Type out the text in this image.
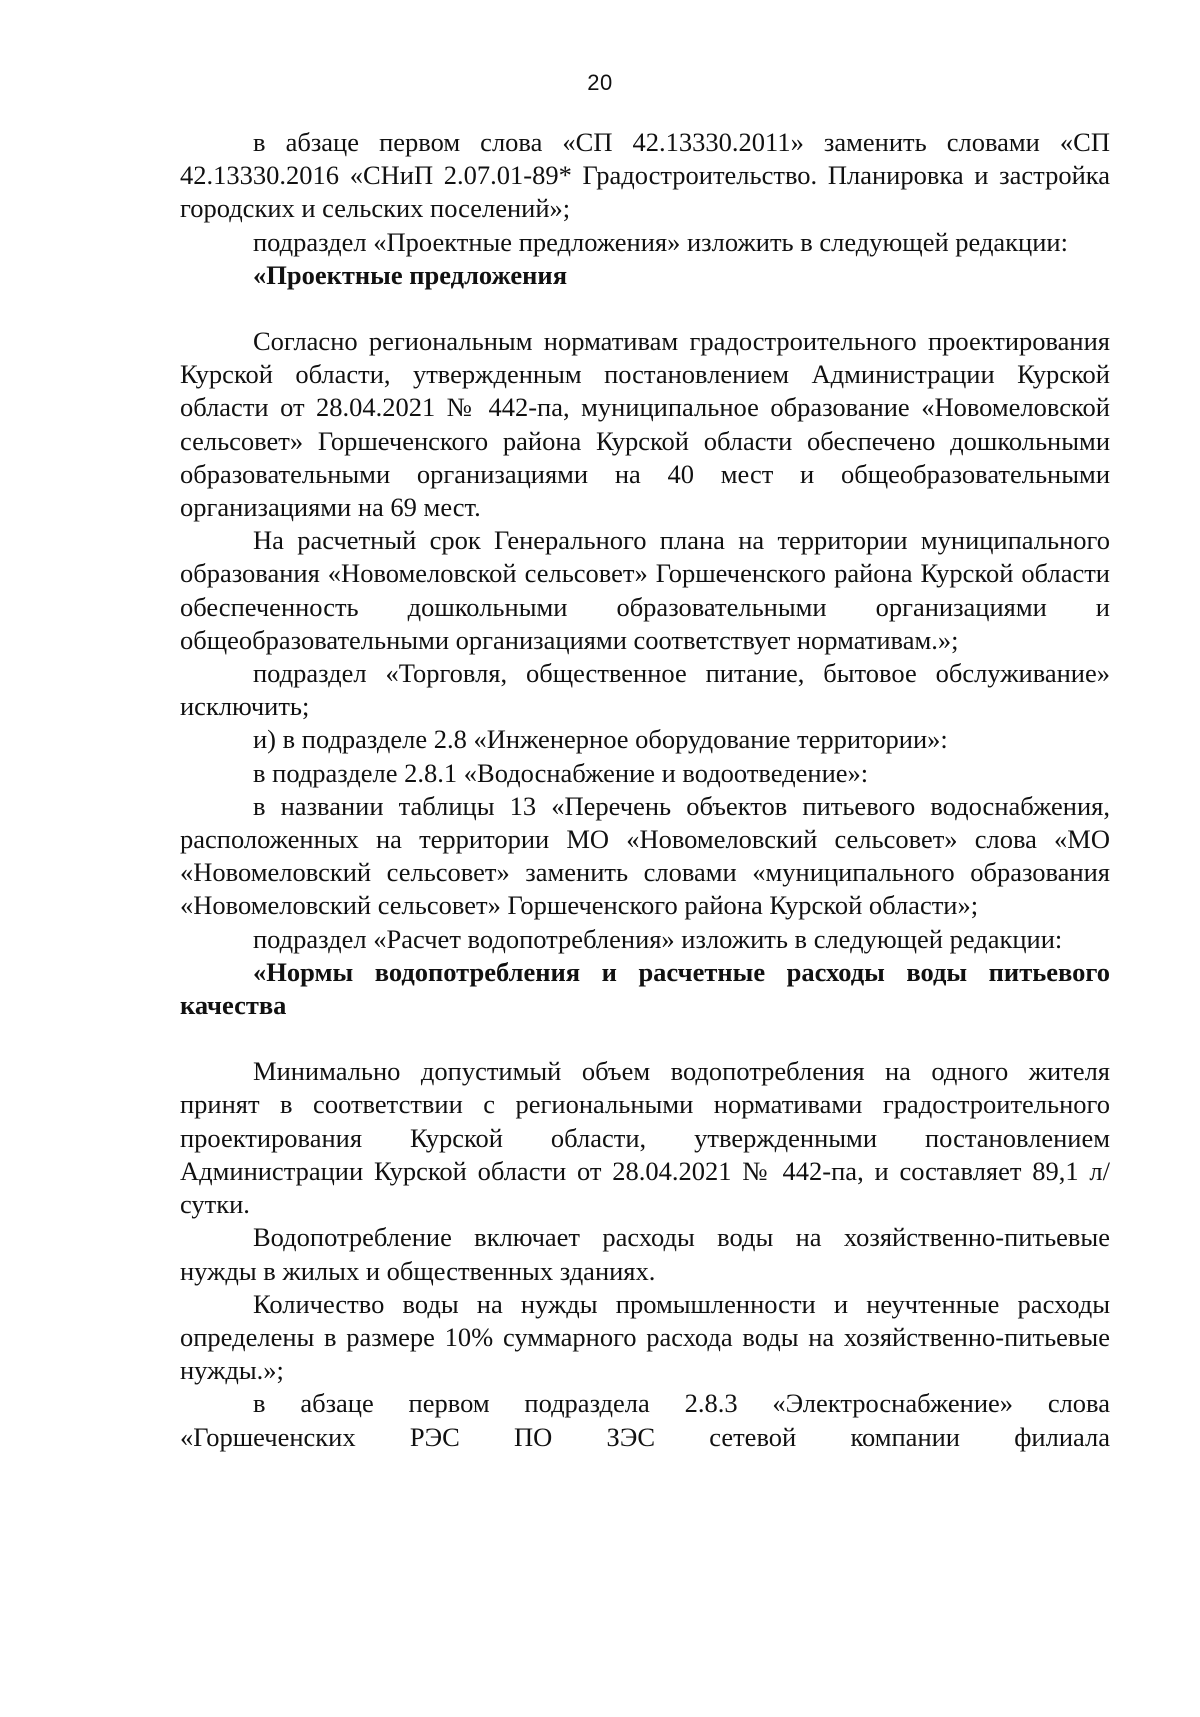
20

в абзаце первом слова «СП 42.13330.2011» заменить словами «СП 42.13330.2016 «СНиП 2.07.01-89* Градостроительство. Планировка и застройка городских и сельских поселений»;

подраздел «Проектные предложения» изложить в следующей редакции:

«Проектные предложения

Согласно региональным нормативам градостроительного проектирования Курской области, утвержденным постановлением Администрации Курской области от 28.04.2021 № 442-па, муниципальное образование «Новомеловской сельсовет» Горшеченского района Курской области обеспечено дошкольными образовательными организациями на 40 мест и общеобразовательными организациями на 69 мест.

На расчетный срок Генерального плана на территории муниципального образования «Новомеловской сельсовет» Горшеченского района Курской области обеспеченность дошкольными образовательными организациями и общеобразовательными организациями соответствует нормативам.»;

подраздел «Торговля, общественное питание, бытовое обслуживание» исключить;

и) в подразделе 2.8 «Инженерное оборудование территории»:

в подразделе 2.8.1 «Водоснабжение и водоотведение»:

в названии таблицы 13 «Перечень объектов питьевого водоснабжения, расположенных на территории МО «Новомеловский сельсовет» слова «МО «Новомеловский сельсовет» заменить словами «муниципального образования «Новомеловский сельсовет» Горшеченского района Курской области»;

подраздел «Расчет водопотребления» изложить в следующей редакции:

«Нормы водопотребления и расчетные расходы воды питьевого качества

Минимально допустимый объем водопотребления на одного жителя принят в соответствии с региональными нормативами градостроительного проектирования Курской области, утвержденными постановлением Администрации Курской области от 28.04.2021 № 442-па, и составляет 89,1 л/сутки.

Водопотребление включает расходы воды на хозяйственно-питьевые нужды в жилых и общественных зданиях.

Количество воды на нужды промышленности и неучтенные расходы определены в размере 10% суммарного расхода воды на хозяйственно-питьевые нужды.»;

в абзаце первом подраздела 2.8.3 «Электроснабжение» слова «Горшеченских РЭС ПО ЗЭС сетевой компании филиала
